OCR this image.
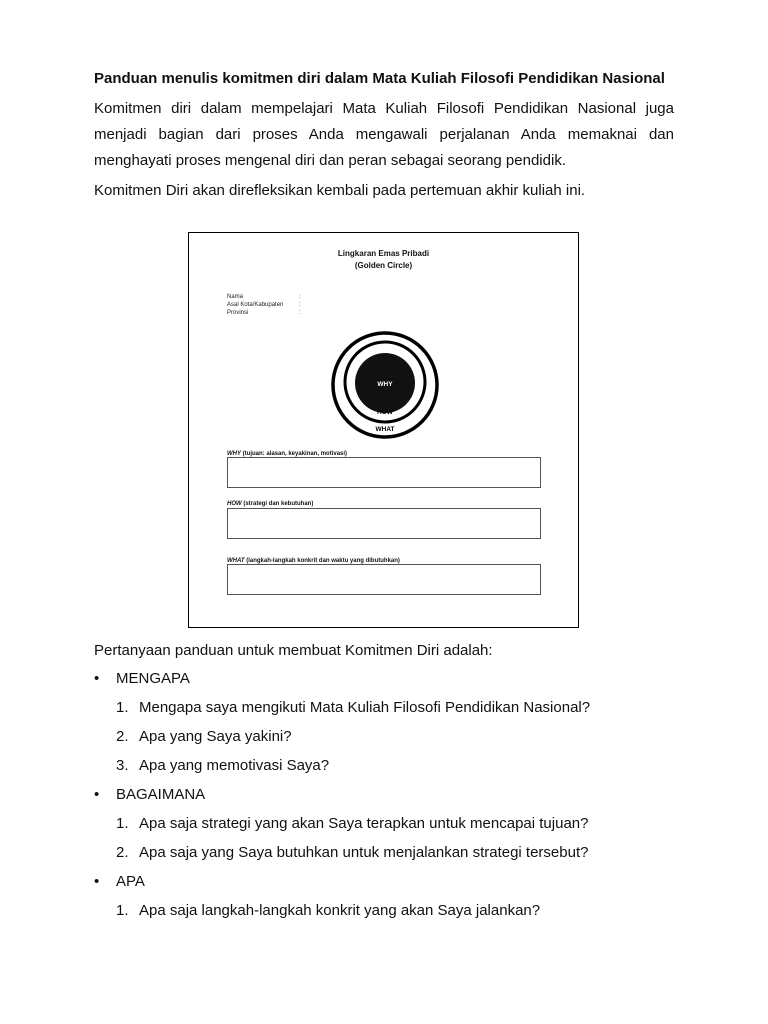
Panduan menulis komitmen diri dalam Mata Kuliah Filosofi Pendidikan Nasional

Komitmen diri dalam mempelajari Mata Kuliah Filosofi Pendidikan Nasional juga menjadi bagian dari proses Anda mengawali perjalanan Anda memaknai dan menghayati proses mengenal diri dan peran sebagai seorang pendidik.

Komitmen Diri akan direfleksikan kembali pada pertemuan akhir kuliah ini.

Lingkaran Emas Pribadi
(Golden Circle)
Nama	:
Asal Kota/Kabupaten	:
Provinsi	:
WHY
HOW
WHAT
WHY (tujuan: alasan, keyakinan, motivasi)
HOW (strategi dan kebutuhan)
WHAT (langkah-langkah konkrit dan waktu yang dibutuhkan)

Pertanyaan panduan untuk membuat Komitmen Diri adalah:

• MENGAPA
1. Mengapa saya mengikuti Mata Kuliah Filosofi Pendidikan Nasional?
2. Apa yang Saya yakini?
3. Apa yang memotivasi Saya?
• BAGAIMANA
1. Apa saja strategi yang akan Saya terapkan untuk mencapai tujuan?
2. Apa saja yang Saya butuhkan untuk menjalankan strategi tersebut?
• APA
1. Apa saja langkah-langkah konkrit yang akan Saya jalankan?
